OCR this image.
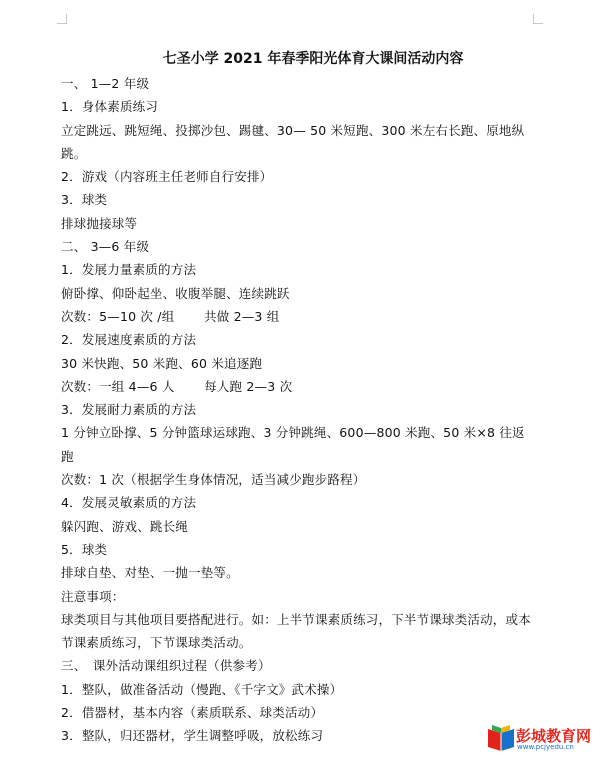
七圣小学 2021 年春季阳光体育大课间活动内容
一、 1—2 年级
1．身体素质练习
立定跳远、跳短绳、投掷沙包、踢毽、30— 50 米短跑、300 米左右长跑、原地纵跳。
2．游戏（内容班主任老师自行安排）
3．球类
排球抛接球等
二、 3—6 年级
1．发展力量素质的方法
俯卧撑、仰卧起坐、收腹举腿、连续跳跃
次数：5—10 次 /组　　 共做 2—3 组
2．发展速度素质的方法
30 米快跑、50 米跑、60 米追逐跑
次数：一组 4—6 人　　 每人跑 2—3 次
3．发展耐力素质的方法
1 分钟立卧撑、5 分钟篮球运球跑、3 分钟跳绳、600—800 米跑、50 米×8 往返跑
次数：1 次（根据学生身体情况，适当减少跑步路程）
4．发展灵敏素质的方法
躲闪跑、游戏、跳长绳
5．球类
排球自垫、对垫、一抛一垫等。
注意事项：
球类项目与其他项目要搭配进行。如：上半节课素质练习，下半节课球类活动，或本节课素质练习，下节课球类活动。
三、　课外活动课组织过程（供参考）
1．整队，做准备活动（慢跑、《千字文》武术操）
2．借器材，基本内容（素质联系、球类活动）
3．整队，归还器材，学生调整呼吸，放松练习	彭城教育网
www.pcjyedu.cn
